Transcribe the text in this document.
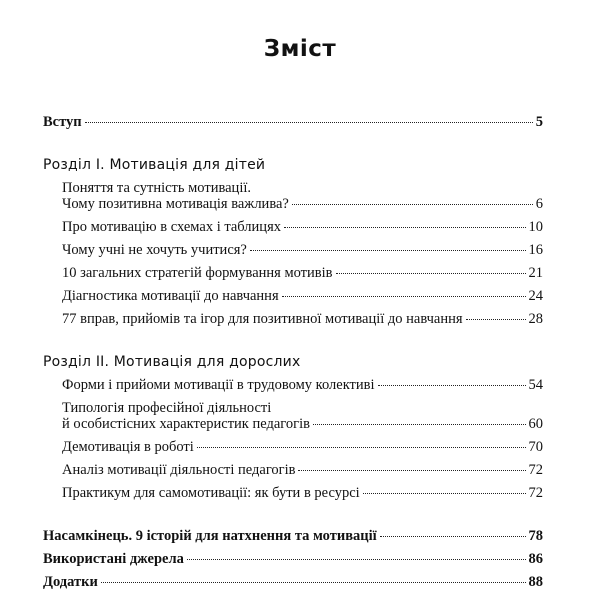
Зміст
Вступ	5
Розділ I. Мотивація для дітей
Поняття та сутність мотивації.
Чому позитивна мотивація важлива?	6
Про мотивацію в схемах і таблицях	10
Чому учні не хочуть учитися?	16
10 загальних стратегій формування мотивів	21
Діагностика мотивації до навчання	24
77 вправ, прийомів та ігор для позитивної мотивації до навчання	28
Розділ II. Мотивація для дорослих
Форми і прийоми мотивації в трудовому колективі	54
Типологія професійної діяльності
й особистісних характеристик педагогів	60
Демотивація в роботі	70
Аналіз мотивації діяльності педагогів	72
Практикум для самомотивації: як бути в ресурсі	72
Насамкінець. 9 історій для натхнення та мотивації	78
Використані джерела	86
Додатки	88
